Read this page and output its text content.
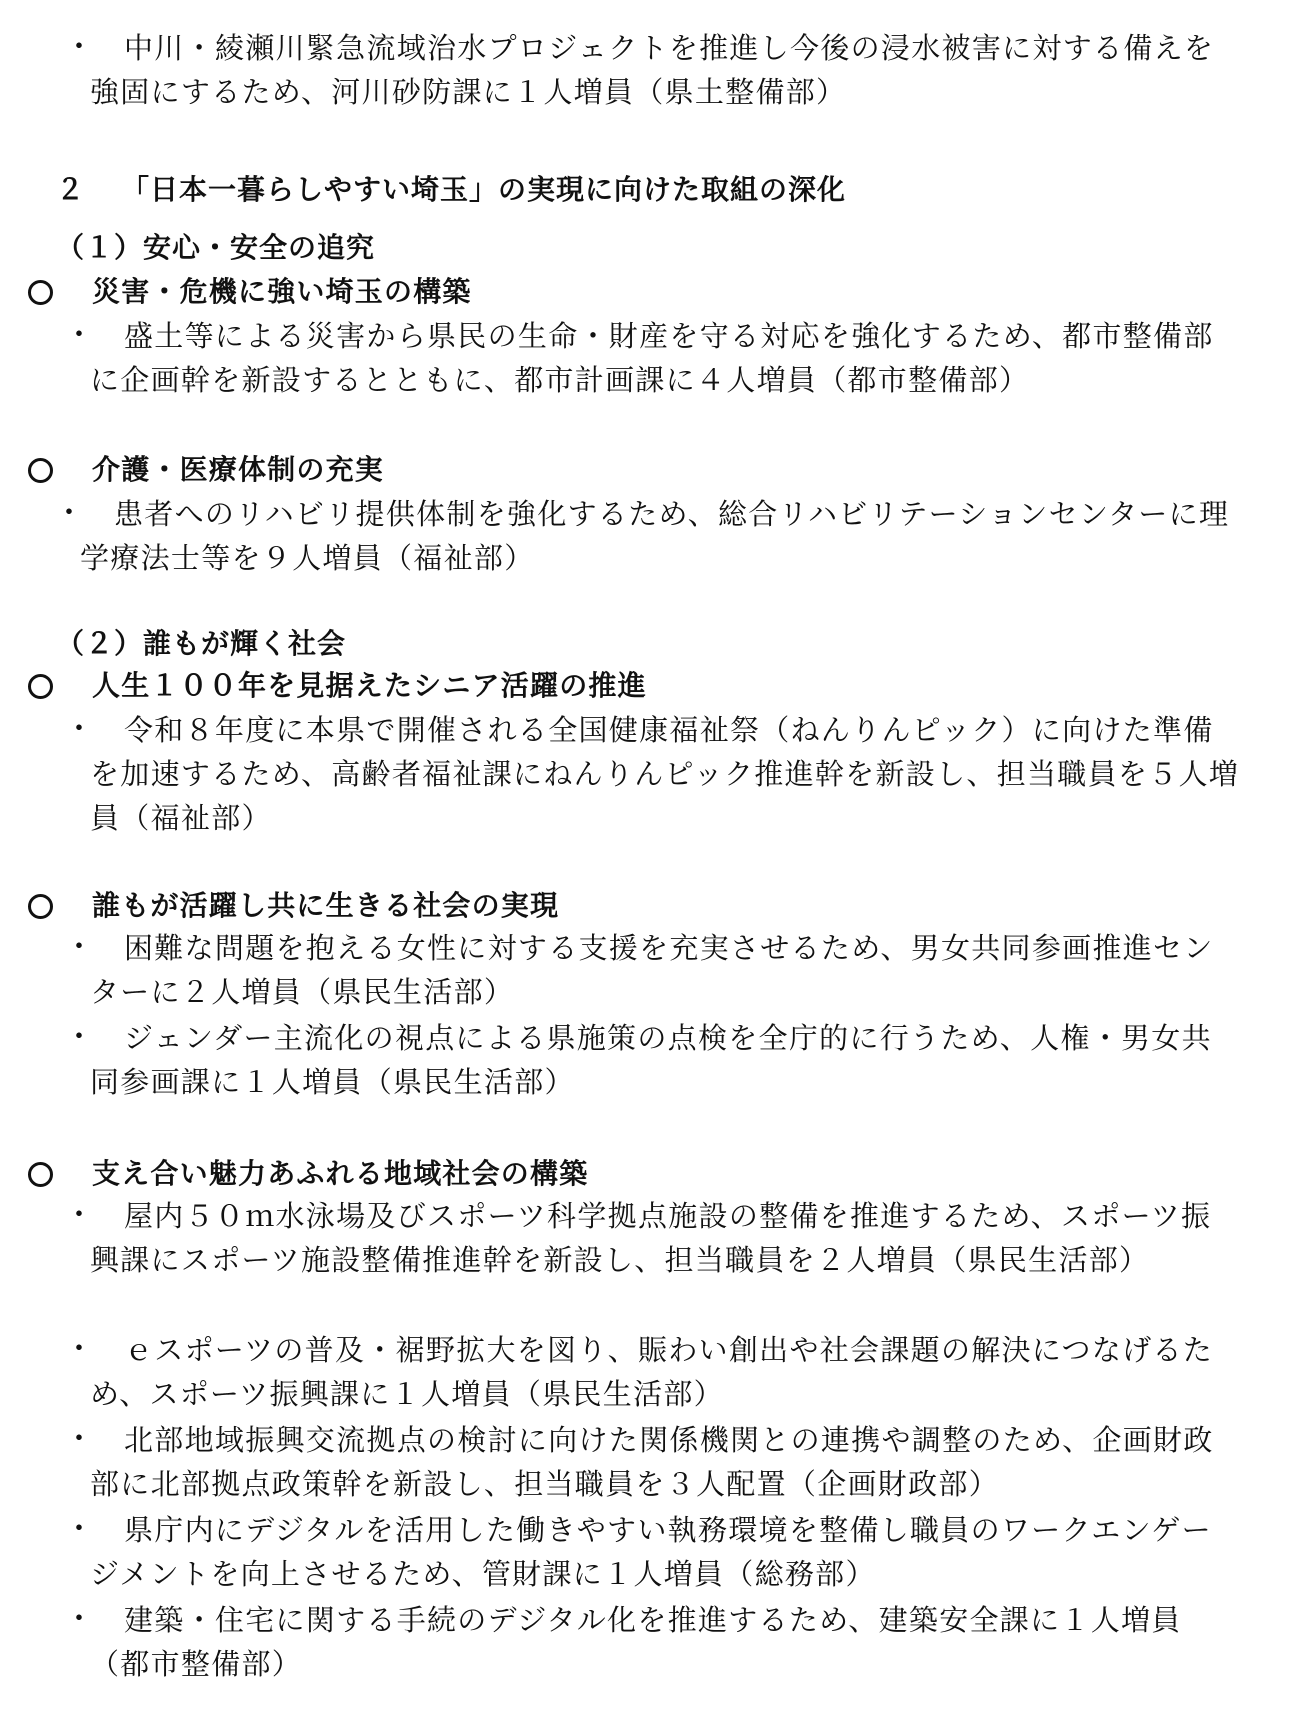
・	中川・綾瀬川緊急流域治水プロジェクトを推進し今後の浸水被害に対する備えを強固にするため、河川砂防課に１人増員（県土整備部）
２ 「日本一暮らしやすい埼玉」の実現に向けた取組の深化
（１）安心・安全の追究
災害・危機に強い埼玉の構築
・	盛土等による災害から県民の生命・財産を守る対応を強化するため、都市整備部に企画幹を新設するとともに、都市計画課に４人増員（都市整備部）
介護・医療体制の充実
・	患者へのリハビリ提供体制を強化するため、総合リハビリテーションセンターに理学療法士等を９人増員（福祉部）
（２）誰もが輝く社会
人生１００年を見据えたシニア活躍の推進
・	令和８年度に本県で開催される全国健康福祉祭（ねんりんピック）に向けた準備を加速するため、高齢者福祉課にねんりんピック推進幹を新設し、担当職員を５人増員（福祉部）
誰もが活躍し共に生きる社会の実現
・	困難な問題を抱える女性に対する支援を充実させるため、男女共同参画推進センターに２人増員（県民生活部）
・	ジェンダー主流化の視点による県施策の点検を全庁的に行うため、人権・男女共同参画課に１人増員（県民生活部）
支え合い魅力あふれる地域社会の構築
・	屋内５０ｍ水泳場及びスポーツ科学拠点施設の整備を推進するため、スポーツ振興課にスポーツ施設整備推進幹を新設し、担当職員を２人増員（県民生活部）
・	ｅスポーツの普及・裾野拡大を図り、賑わい創出や社会課題の解決につなげるため、スポーツ振興課に１人増員（県民生活部）
・	北部地域振興交流拠点の検討に向けた関係機関との連携や調整のため、企画財政部に北部拠点政策幹を新設し、担当職員を３人配置（企画財政部）
・	県庁内にデジタルを活用した働きやすい執務環境を整備し職員のワークエンゲージメントを向上させるため、管財課に１人増員（総務部）
・	建築・住宅に関する手続のデジタル化を推進するため、建築安全課に１人増員（都市整備部）
